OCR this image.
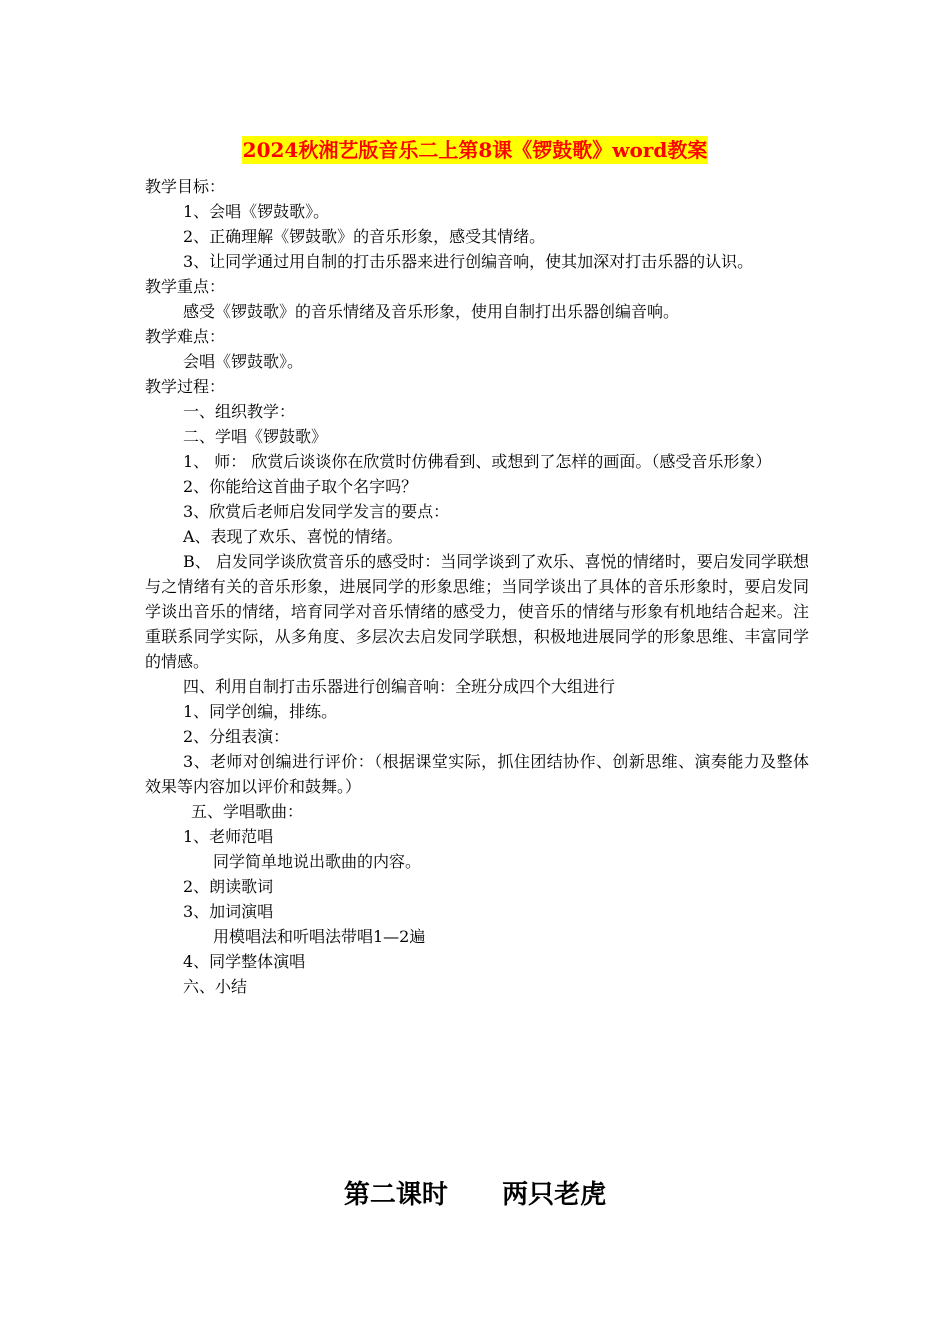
2024秋湘艺版音乐二上第8课《锣鼓歌》word教案

教学目标：

1、会唱《锣鼓歌》。

2、正确理解《锣鼓歌》的音乐形象，感受其情绪。

3、让同学通过用自制的打击乐器来进行创编音响，使其加深对打击乐器的认识。

教学重点：

感受《锣鼓歌》的音乐情绪及音乐形象，使用自制打出乐器创编音响。

教学难点：

会唱《锣鼓歌》。

教学过程：

一、组织教学：

二、学唱《锣鼓歌》

1、 师： 欣赏后谈谈你在欣赏时仿佛看到、或想到了怎样的画面。（感受音乐形象）

2、你能给这首曲子取个名字吗？

3、欣赏后老师启发同学发言的要点：

A、表现了欢乐、喜悦的情绪。

B、 启发同学谈欣赏音乐的感受时：当同学谈到了欢乐、喜悦的情绪时，要启发同学联想与之情绪有关的音乐形象，进展同学的形象思维；当同学谈出了具体的音乐形象时，要启发同学谈出音乐的情绪，培育同学对音乐情绪的感受力，使音乐的情绪与形象有机地结合起来。注重联系同学实际，从多角度、多层次去启发同学联想，积极地进展同学的形象思维、丰富同学的情感。

四、利用自制打击乐器进行创编音响：全班分成四个大组进行

1、同学创编，排练。

2、分组表演：

3、老师对创编进行评价：（根据课堂实际，抓住团结协作、创新思维、演奏能力及整体效果等内容加以评价和鼓舞。）

五、学唱歌曲：

1、老师范唱

同学简单地说出歌曲的内容。

2、朗读歌词

3、加词演唱

用模唱法和听唱法带唱1—2遍

4、同学整体演唱

六、小结

第二课时      两只老虎
